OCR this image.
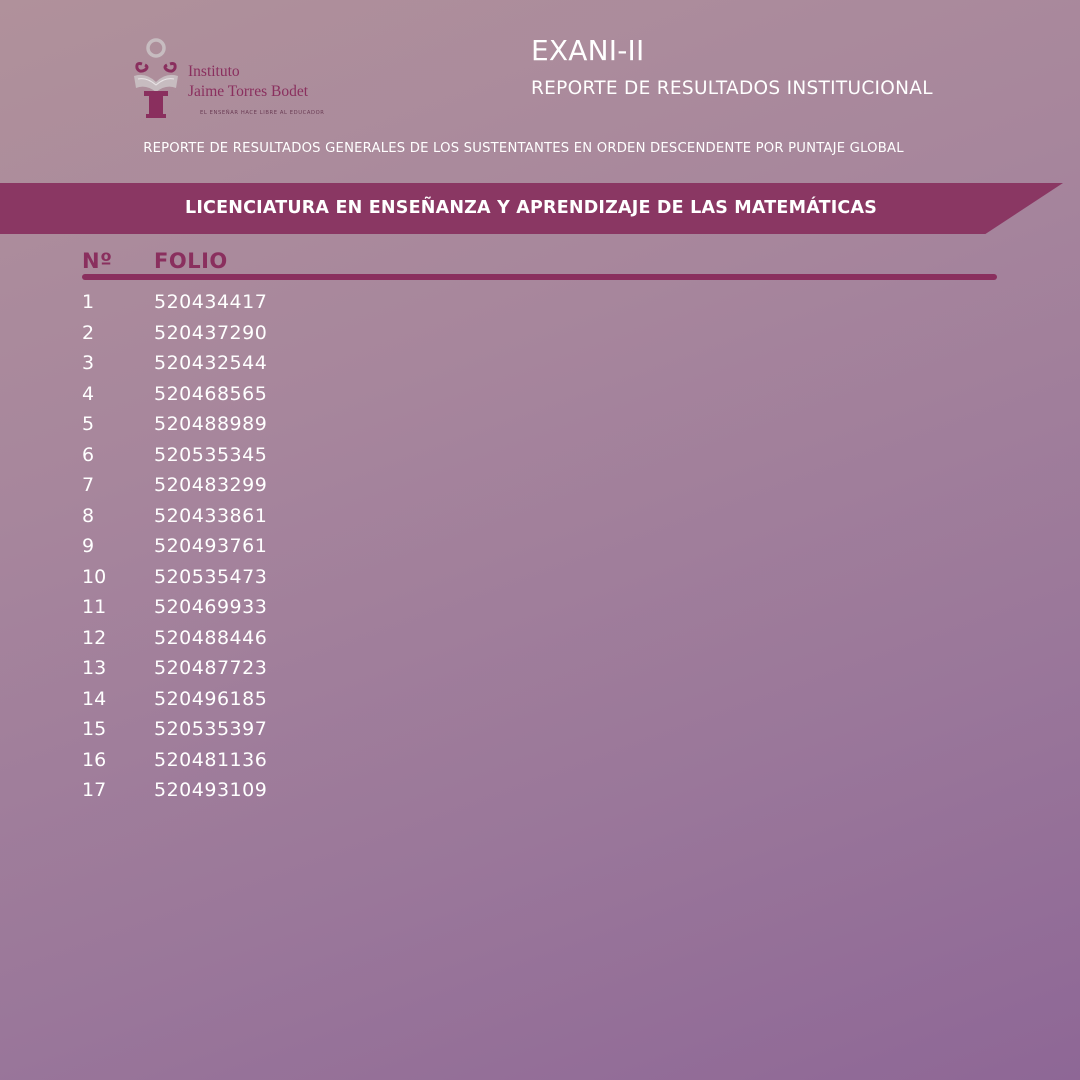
Instituto
Jaime Torres Bodet
EL ENSEÑAR HACE LIBRE AL EDUCADOR
EXANI-II
REPORTE DE RESULTADOS INSTITUCIONAL
REPORTE DE RESULTADOS GENERALES DE LOS SUSTENTANTES EN ORDEN DESCENDENTE POR PUNTAJE GLOBAL
LICENCIATURA EN ENSEÑANZA Y APRENDIZAJE DE LAS MATEMÁTICAS
Nº FOLIO
1	520434417
2	520437290
3	520432544
4	520468565
5	520488989
6	520535345
7	520483299
8	520433861
9	520493761
10	520535473
11	520469933
12	520488446
13	520487723
14	520496185
15	520535397
16	520481136
17	520493109
